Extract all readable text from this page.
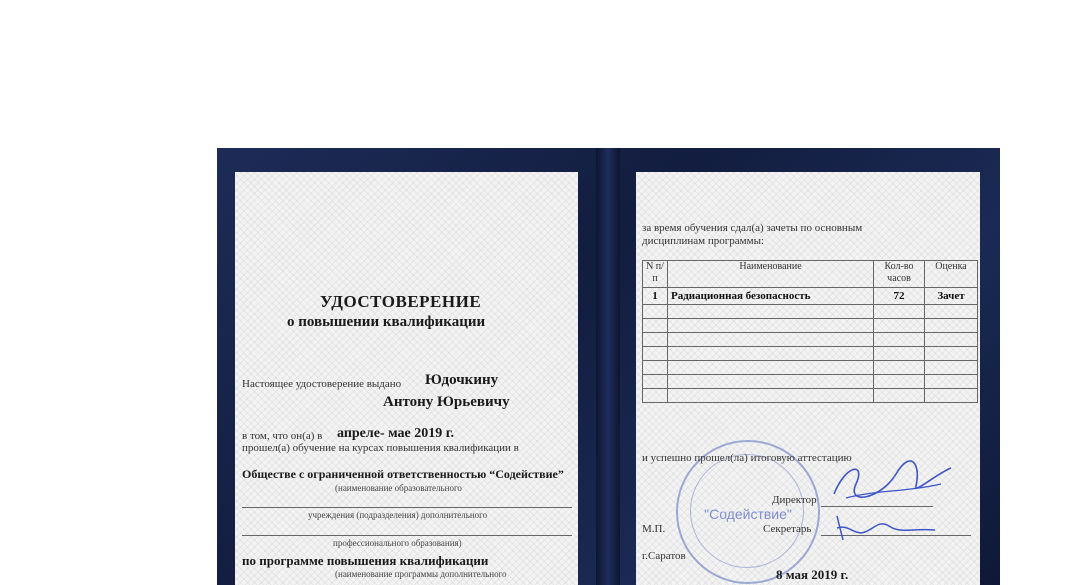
УДОСТОВЕРЕНИЕ
о повышении квалификации
Настоящее удостоверение выдано Юдочкину
Антону Юрьевичу
в том, что он(а) в апреле- мае 2019 г.
прошел(а) обучение на курсах повышения квалификации в
Обществе с ограниченной ответственностью “Содействие”
(наименование образовательного
учреждения (подразделения) дополнительного
профессионального образования)
по программе повышения квалификации
(наименование программы дополнительного
за время обучения сдал(а) зачеты по основным
дисциплинам программы:
N п/п	Наименование	Кол-во часов	Оценка
1	Радиационная безопасность	72	Зачет

"Содействие"
и успешно прошел(ла) итоговую аттестацию
Директор
М.П.	Секретарь
г.Саратов
8 мая 2019 г.
